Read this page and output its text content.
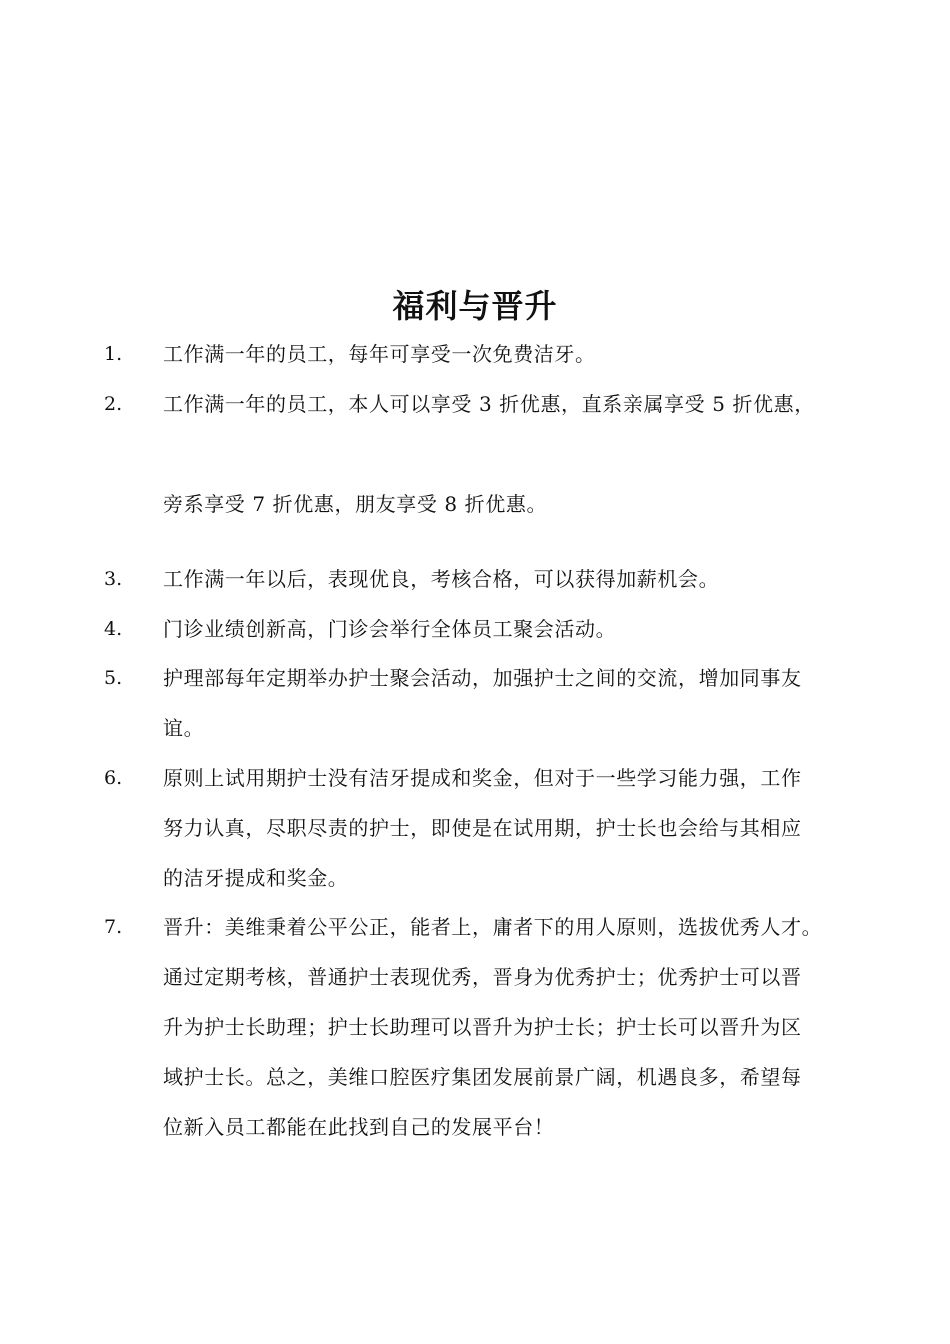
福利与晋升
1. 工作满一年的员工，每年可享受一次免费洁牙。
2. 工作满一年的员工，本人可以享受 3 折优惠，直系亲属享受 5 折优惠，
旁系享受 7 折优惠，朋友享受 8 折优惠。
3. 工作满一年以后，表现优良，考核合格，可以获得加薪机会。
4. 门诊业绩创新高，门诊会举行全体员工聚会活动。
5. 护理部每年定期举办护士聚会活动，加强护士之间的交流，增加同事友
谊。
6. 原则上试用期护士没有洁牙提成和奖金，但对于一些学习能力强，工作
努力认真，尽职尽责的护士，即使是在试用期，护士长也会给与其相应
的洁牙提成和奖金。
7. 晋升：美维秉着公平公正，能者上，庸者下的用人原则，选拔优秀人才。
通过定期考核，普通护士表现优秀，晋身为优秀护士；优秀护士可以晋
升为护士长助理；护士长助理可以晋升为护士长；护士长可以晋升为区
域护士长。总之，美维口腔医疗集团发展前景广阔，机遇良多，希望每
位新入员工都能在此找到自己的发展平台！
